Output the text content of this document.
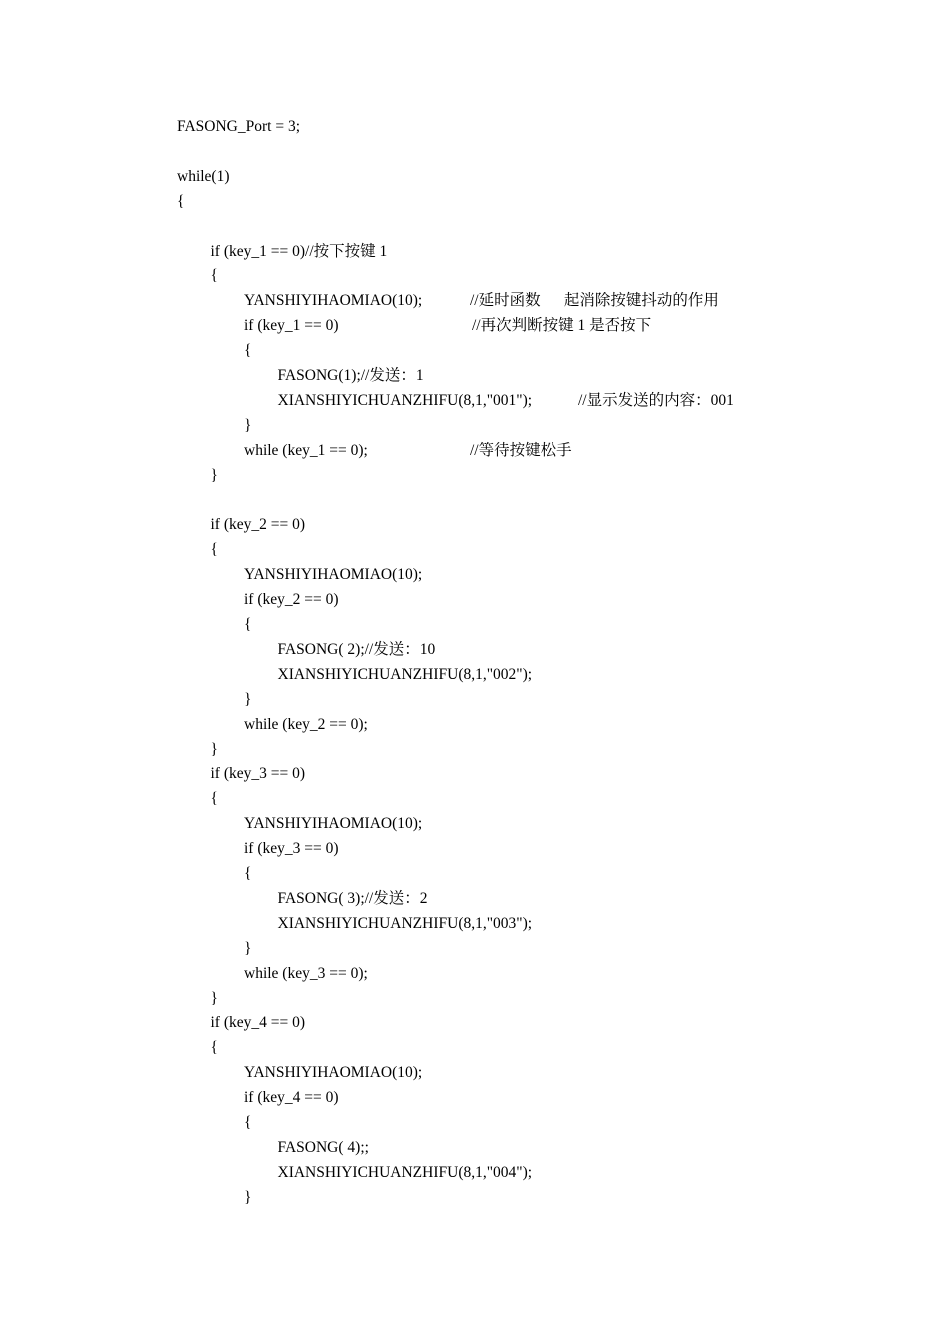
FASONG_Port = 3;
while(1)
{
if (key_1 == 0)//按下按键 1
{
YANSHIYIHAOMIAO(10);	//延时函数      起消除按键抖动的作用
if (key_1 == 0)	//再次判断按键 1 是否按下
{
FASONG(1);//发送：1
XIANSHIYICHUANZHIFU(8,1,"001");	//显示发送的内容：001
}
while (key_1 == 0);	//等待按键松手
}
if (key_2 == 0)
{
YANSHIYIHAOMIAO(10);
if (key_2 == 0)
{
FASONG( 2);//发送：10
XIANSHIYICHUANZHIFU(8,1,"002");
}
while (key_2 == 0);
}
if (key_3 == 0)
{
YANSHIYIHAOMIAO(10);
if (key_3 == 0)
{
FASONG( 3);//发送：2
XIANSHIYICHUANZHIFU(8,1,"003");
}
while (key_3 == 0);
}
if (key_4 == 0)
{
YANSHIYIHAOMIAO(10);
if (key_4 == 0)
{
FASONG( 4);;
XIANSHIYICHUANZHIFU(8,1,"004");
}
